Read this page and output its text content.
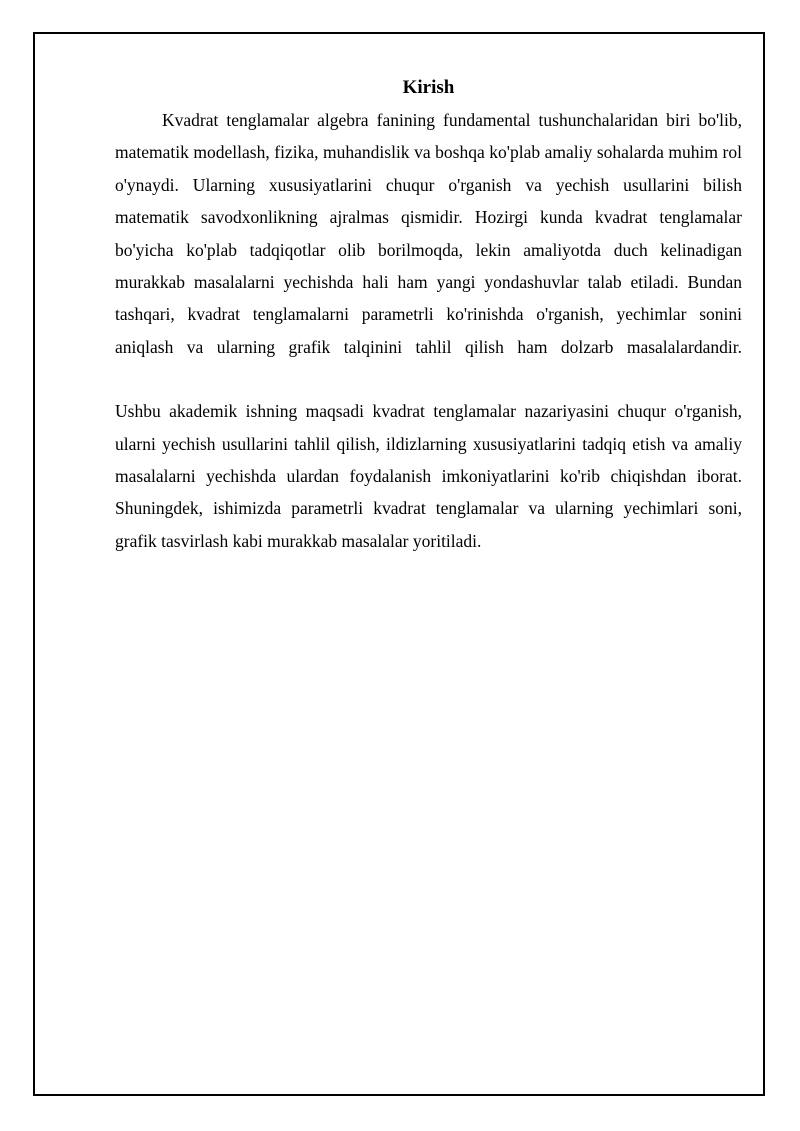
Kirish

Kvadrat tenglamalar algebra fanining fundamental tushunchalaridan biri bo'lib, matematik modellash, fizika, muhandislik va boshqa ko'plab amaliy sohalarda muhim rol o'ynaydi. Ularning xususiyatlarini chuqur o'rganish va yechish usullarini bilish matematik savodxonlikning ajralmas qismidir. Hozirgi kunda kvadrat tenglamalar bo'yicha ko'plab tadqiqotlar olib borilmoqda, lekin amaliyotda duch kelinadigan murakkab masalalarni yechishda hali ham yangi yondashuvlar talab etiladi. Bundan tashqari, kvadrat tenglamalarni parametrli ko'rinishda o'rganish, yechimlar sonini aniqlash va ularning grafik talqinini tahlil qilish ham dolzarb masalalardandir.

Ushbu akademik ishning maqsadi kvadrat tenglamalar nazariyasini chuqur o'rganish, ularni yechish usullarini tahlil qilish, ildizlarning xususiyatlarini tadqiq etish va amaliy masalalarni yechishda ulardan foydalanish imkoniyatlarini ko'rib chiqishdan iborat. Shuningdek, ishimizda parametrli kvadrat tenglamalar va ularning yechimlari soni, grafik tasvirlash kabi murakkab masalalar yoritiladi.
